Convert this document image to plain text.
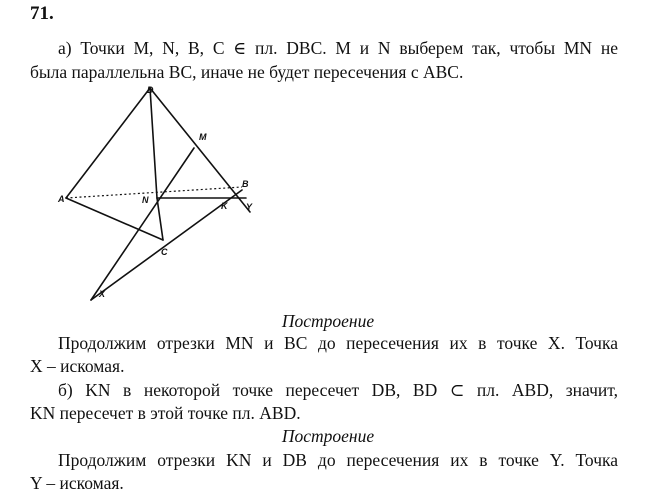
71.
а) Точки M, N, B, C ∈ пл. DBC. M и N выберем так, чтобы MN не
была параллельна BC, иначе не будет пересечения с ABC.
D
M
A	N
B
K Y
C
X
Построение
Продолжим отрезки MN и BC до пересечения их в точке X. Точка
X – искомая.
б) KN в некоторой точке пересечет DB, BD ⊂ пл. ABD, значит,
KN пересечет в этой точке пл. ABD.
Построение
Продолжим отрезки KN и DB до пересечения их в точке Y. Точка
Y – искомая.
